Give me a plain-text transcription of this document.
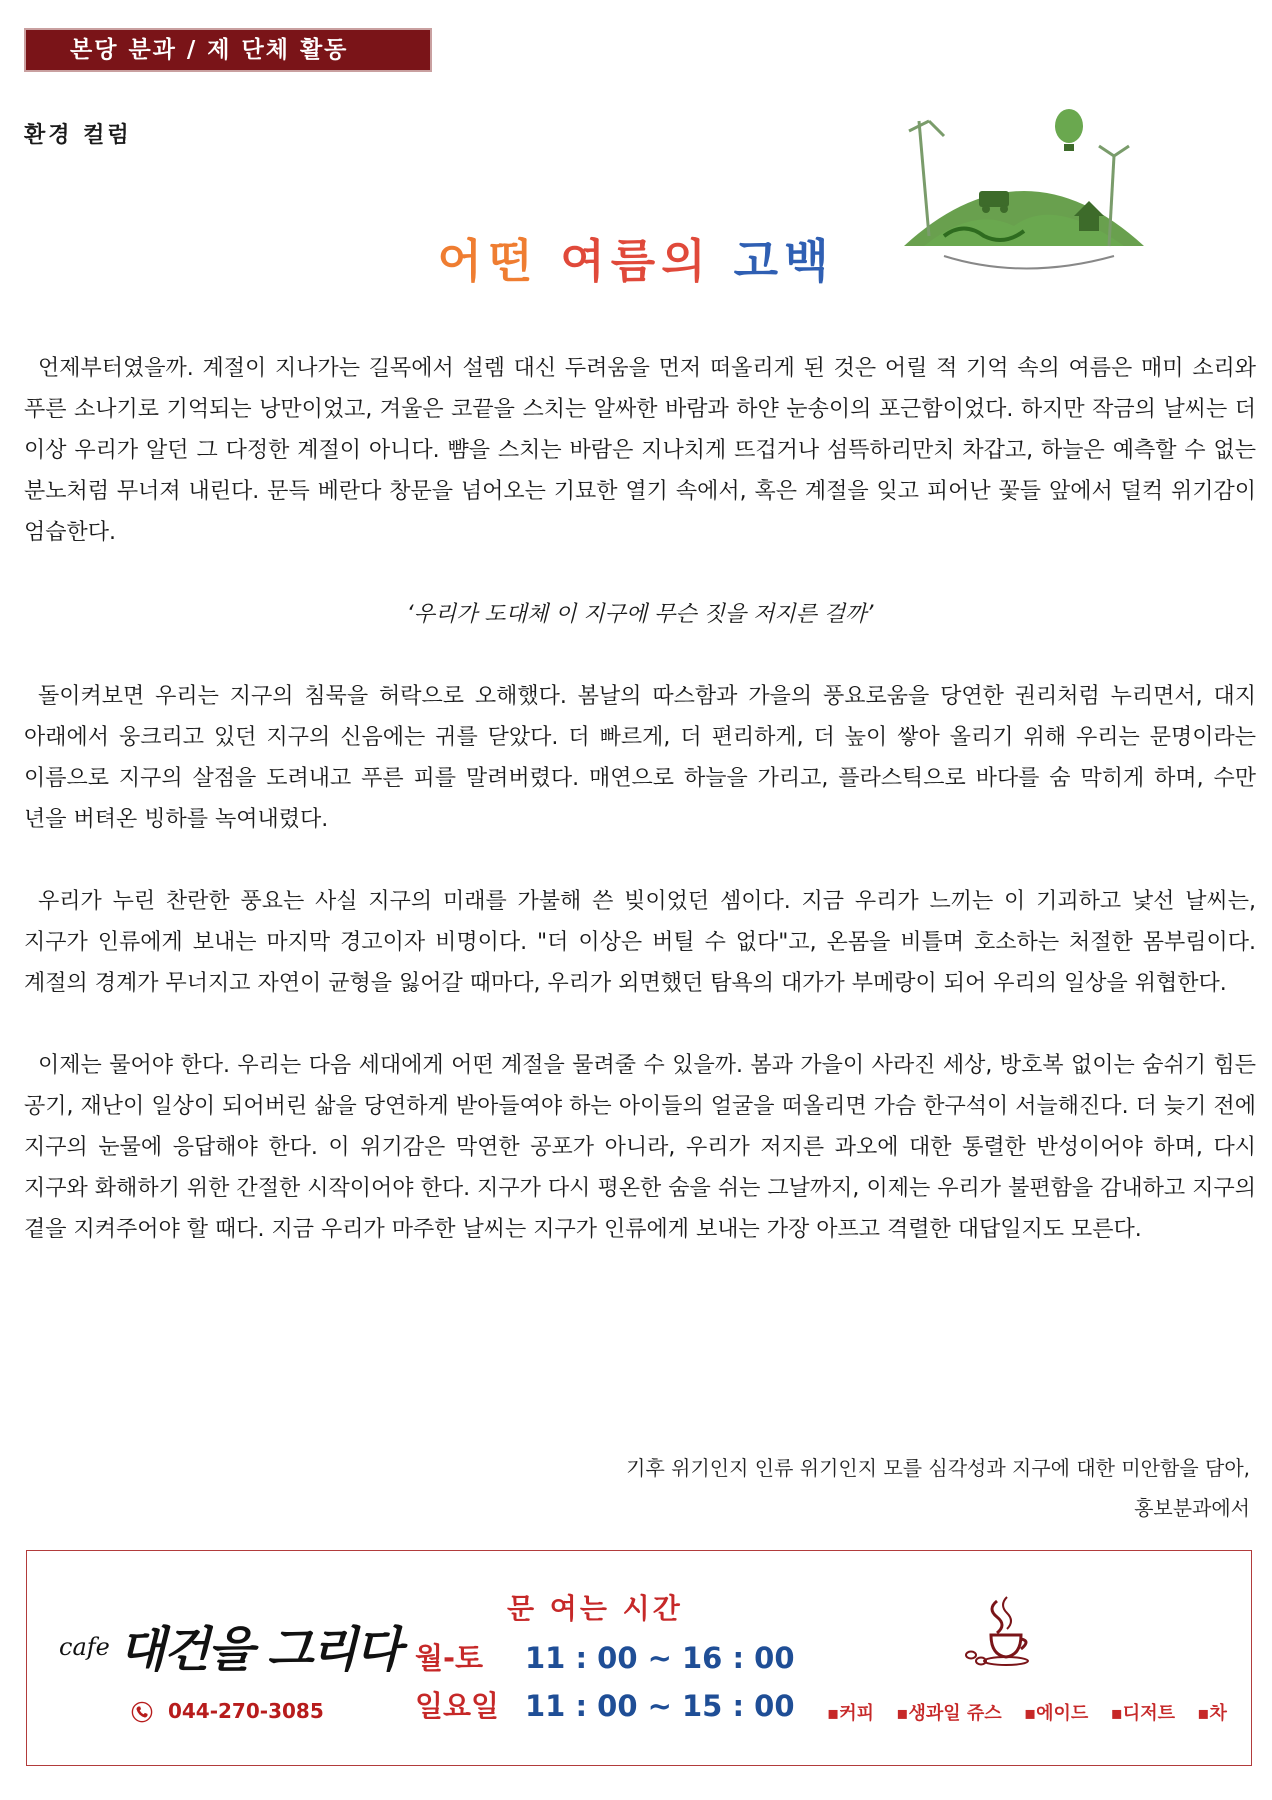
본당 분과 / 제 단체 활동
환경 컬럼
어떤 여름의 고백

언제부터였을까. 계절이 지나가는 길목에서 설렘 대신 두려움을 먼저 떠올리게 된 것은 어릴 적 기억 속의 여름은 매미 소리와 푸른 소나기로 기억되는 낭만이었고, 겨울은 코끝을 스치는 알싸한 바람과 하얀 눈송이의 포근함이었다. 하지만 작금의 날씨는 더 이상 우리가 알던 그 다정한 계절이 아니다. 뺨을 스치는 바람은 지나치게 뜨겁거나 섬뜩하리만치 차갑고, 하늘은 예측할 수 없는 분노처럼 무너져 내린다. 문득 베란다 창문을 넘어오는 기묘한 열기 속에서, 혹은 계절을 잊고 피어난 꽃들 앞에서 덜컥 위기감이 엄습한다.

‘우리가 도대체 이 지구에 무슨 짓을 저지른 걸까’

돌이켜보면 우리는 지구의 침묵을 허락으로 오해했다. 봄날의 따스함과 가을의 풍요로움을 당연한 권리처럼 누리면서, 대지 아래에서 웅크리고 있던 지구의 신음에는 귀를 닫았다. 더 빠르게, 더 편리하게, 더 높이 쌓아 올리기 위해 우리는 문명이라는 이름으로 지구의 살점을 도려내고 푸른 피를 말려버렸다. 매연으로 하늘을 가리고, 플라스틱으로 바다를 숨 막히게 하며, 수만 년을 버텨온 빙하를 녹여내렸다.

우리가 누린 찬란한 풍요는 사실 지구의 미래를 가불해 쓴 빚이었던 셈이다. 지금 우리가 느끼는 이 기괴하고 낯선 날씨는, 지구가 인류에게 보내는 마지막 경고이자 비명이다. "더 이상은 버틸 수 없다"고, 온몸을 비틀며 호소하는 처절한 몸부림이다. 계절의 경계가 무너지고 자연이 균형을 잃어갈 때마다, 우리가 외면했던 탐욕의 대가가 부메랑이 되어 우리의 일상을 위협한다.

이제는 물어야 한다. 우리는 다음 세대에게 어떤 계절을 물려줄 수 있을까. 봄과 가을이 사라진 세상, 방호복 없이는 숨쉬기 힘든 공기, 재난이 일상이 되어버린 삶을 당연하게 받아들여야 하는 아이들의 얼굴을 떠올리면 가슴 한구석이 서늘해진다. 더 늦기 전에 지구의 눈물에 응답해야 한다. 이 위기감은 막연한 공포가 아니라, 우리가 저지른 과오에 대한 통렬한 반성이어야 하며, 다시 지구와 화해하기 위한 간절한 시작이어야 한다. 지구가 다시 평온한 숨을 쉬는 그날까지, 이제는 우리가 불편함을 감내하고 지구의 곁을 지켜주어야 할 때다. 지금 우리가 마주한 날씨는 지구가 인류에게 보내는 가장 아프고 격렬한 대답일지도 모른다.

기후 위기인지 인류 위기인지 모를 심각성과 지구에 대한 미안함을 담아,
홍보분과에서
cafe 대건을 그리다
044-270-3085
문 여는 시간
월-토 11 : 00 ~ 16 : 00
일요일 11 : 00 ~ 15 : 00 ▪커피 ▪생과일 쥬스 ▪에이드 ▪디저트 ▪차
